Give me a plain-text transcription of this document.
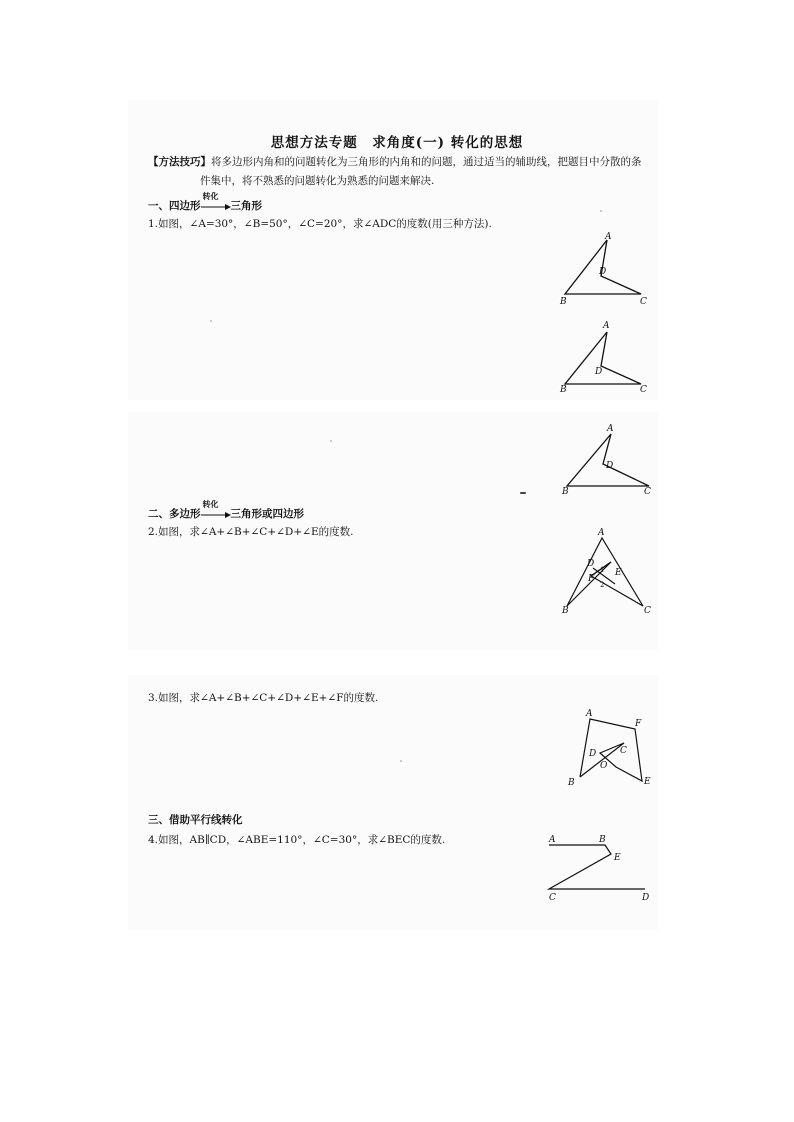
思想方法专题　求角度(一) 转化的思想
【方法技巧】将多边形内角和的问题转化为三角形的内角和的问题，通过适当的辅助线，把题目中分散的条
件集中，将不熟悉的问题转化为熟悉的问题来解决.
一、四边形
转化
三角形
1.如图，∠A=30°，∠B=50°，∠C=20°，求∠ADC的度数(用三种方法).
A
B	C
D
A
B	C
D
A
B	C
D
二、多边形
转化
三角形或四边形
2.如图，求∠A+∠B+∠C+∠D+∠E的度数.	A
B	C
D
E
F
1
2
3.如图，求∠A+∠B+∠C+∠D+∠E+∠F的度数.
A
B
C
D
E
F
O
三、借助平行线转化
4.如图，AB∥CD，∠ABE=110°，∠C=30°，求∠BEC的度数.	A	B
E
C	D
